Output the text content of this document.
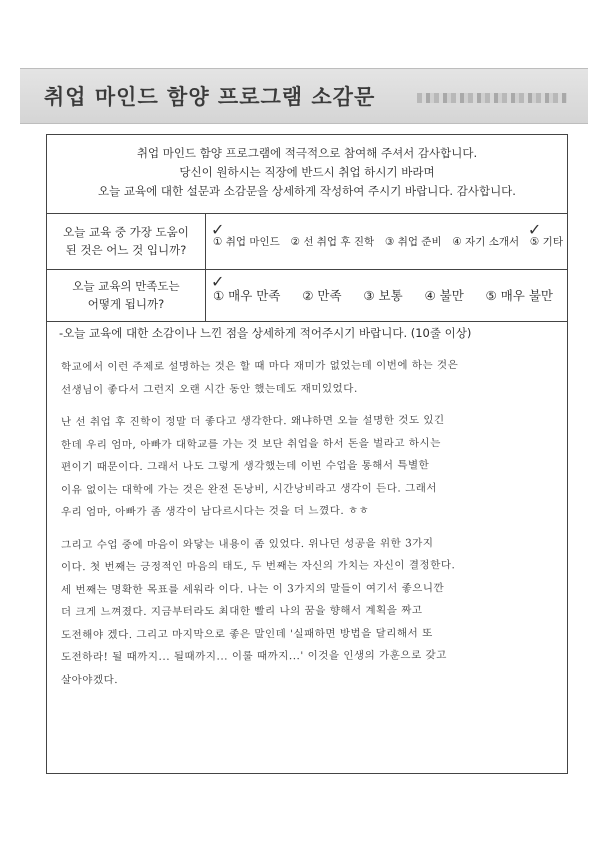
취업 마인드 함양 프로그램 소감문
취업 마인드 함양 프로그램에 적극적으로 참여해 주셔서 감사합니다.
당신이 원하시는 직장에 반드시 취업 하시기 바라며
오늘 교육에 대한 설문과 소감문을 상세하게 작성하여 주시기 바랍니다. 감사합니다.
오늘 교육 중 가장 도움이
된 것은 어느 것 입니까?
✓
① 취업 마인드 ② 선 취업 후 진학 ③ 취업 준비 ④ 자기 소개서
✓
⑤ 기타
오늘 교육의 만족도는
어떻게 됩니까?
✓
① 매우 만족 ② 만족 ③ 보통 ④ 불만 ⑤ 매우 불만
-오늘 교육에 대한 소감이나 느낀 점을 상세하게 적어주시기 바랍니다. (10줄 이상)
학교에서 이런 주제로 설명하는 것은 할 때 마다 재미가 없었는데 이번에 하는 것은
선생님이 좋다서 그런지 오랜 시간 동안 했는데도 재미있었다.
난 선 취업 후 진학이 정말 더 좋다고 생각한다. 왜냐하면 오늘 설명한 것도 있긴
한데 우리 엄마, 아빠가 대학교를 가는 것 보단 취업을 하서 돈을 벌라고 하시는
편이기 때문이다. 그래서 나도 그렇게 생각했는데 이번 수업을 통해서 특별한
이유 없이는 대학에 가는 것은 완전 돈낭비, 시간낭비라고 생각이 든다. 그래서
우리 엄마, 아빠가 좀 생각이 남다르시다는 것을 더 느꼈다. ㅎㅎ
그리고 수업 중에 마음이 와닿는 내용이 좀 있었다. 위나던 성공을 위한 3가지
이다. 첫 번째는 긍정적인 마음의 태도, 두 번째는 자신의 가치는 자신이 결정한다.
세 번째는 명확한 목표를 세워라 이다. 나는 이 3가지의 말들이 여기서 좋으니깐
더 크게 느껴졌다. 지금부터라도 최대한 빨리 나의 꿈을 향해서 계획을 짜고
도전해야 겠다. 그리고 마지막으로 좋은 말인데 '실패하면 방법을 달리해서 또
도전하라! 될 때까지... 될때까지... 이룰 때까지...' 이것을 인생의 가훈으로 갖고
살아야겠다.
